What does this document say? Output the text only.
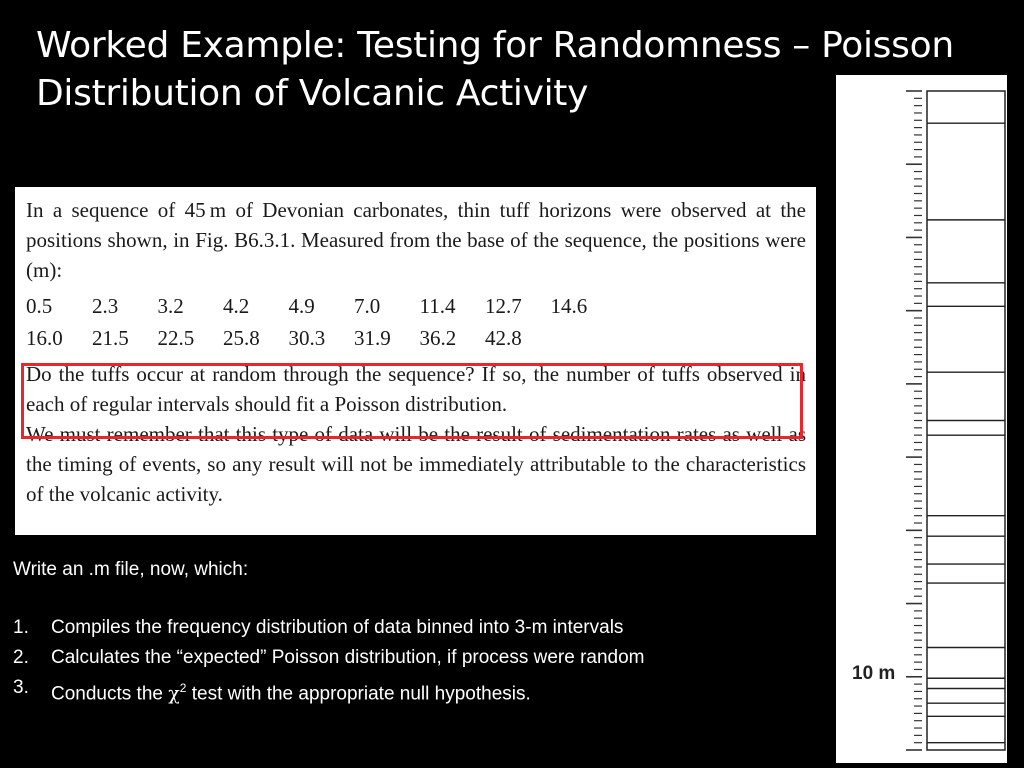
Worked Example: Testing for Randomness – Poisson Distribution of Volcanic Activity

In a sequence of 45 m of Devonian carbonates, thin tuff horizons were observed at the positions shown, in Fig. B6.3.1. Measured from the base of the sequence, the positions were (m):

0.5	2.3	3.2	4.2	4.9	7.0	11.4	12.7	14.6
16.0	21.5	22.5	25.8	30.3	31.9	36.2	42.8

Do the tuffs occur at random through the sequence? If so, the number of tuffs observed in each of regular intervals should fit a Poisson distribution.

We must remember that this type of data will be the result of sedimentation rates as well as the timing of events, so any result will not be immediately attributable to the characteristics of the volcanic activity.

Write an .m file, now, which:

1.	Compiles the frequency distribution of data binned into 3-m intervals
2.	Calculates the “expected” Poisson distribution, if process were random
3.	Conducts the $\chi^2$ test with the appropriate null hypothesis.
10 m
